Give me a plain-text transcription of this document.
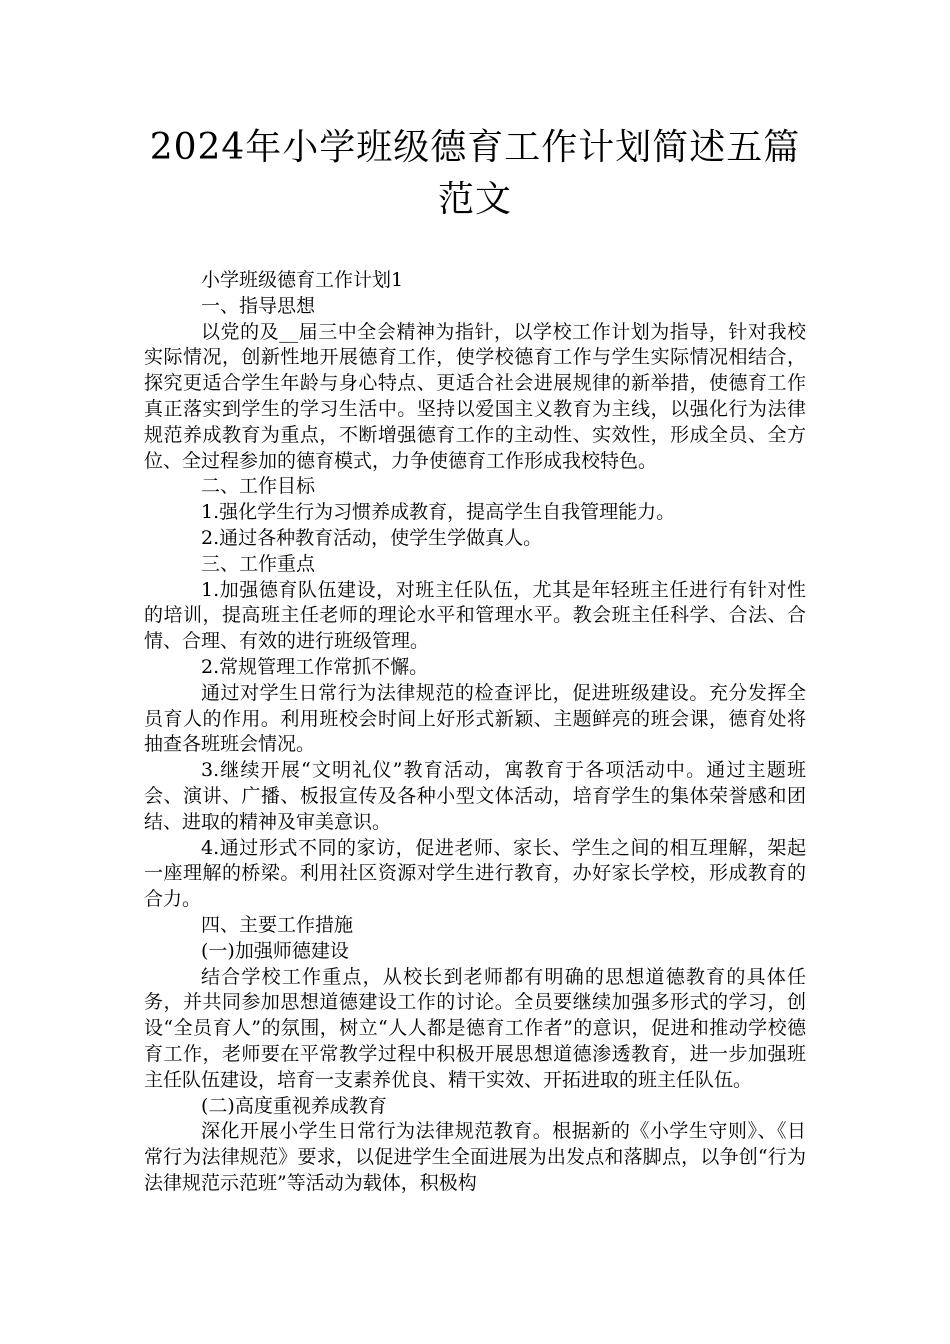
2024年小学班级德育工作计划简述五篇范文

小学班级德育工作计划1

一、指导思想

以党的及__届三中全会精神为指针，以学校工作计划为指导，针对我校实际情况，创新性地开展德育工作，使学校德育工作与学生实际情况相结合，探究更适合学生年龄与身心特点、更适合社会进展规律的新举措，使德育工作真正落实到学生的学习生活中。坚持以爱国主义教育为主线，以强化行为法律规范养成教育为重点，不断增强德育工作的主动性、实效性，形成全员、全方位、全过程参加的德育模式，力争使德育工作形成我校特色。

二、工作目标

1.强化学生行为习惯养成教育，提高学生自我管理能力。

2.通过各种教育活动，使学生学做真人。

三、工作重点

1.加强德育队伍建设，对班主任队伍，尤其是年轻班主任进行有针对性的培训，提高班主任老师的理论水平和管理水平。教会班主任科学、合法、合情、合理、有效的进行班级管理。

2.常规管理工作常抓不懈。

通过对学生日常行为法律规范的检查评比，促进班级建设。充分发挥全员育人的作用。利用班校会时间上好形式新颖、主题鲜亮的班会课，德育处将抽查各班班会情况。

3.继续开展“文明礼仪”教育活动，寓教育于各项活动中。通过主题班会、演讲、广播、板报宣传及各种小型文体活动，培育学生的集体荣誉感和团结、进取的精神及审美意识。

4.通过形式不同的家访，促进老师、家长、学生之间的相互理解，架起一座理解的桥梁。利用社区资源对学生进行教育，办好家长学校，形成教育的合力。

四、主要工作措施

(一)加强师德建设

结合学校工作重点，从校长到老师都有明确的思想道德教育的具体任务，并共同参加思想道德建设工作的讨论。全员要继续加强多形式的学习，创设“全员育人”的氛围，树立“人人都是德育工作者”的意识，促进和推动学校德育工作，老师要在平常教学过程中积极开展思想道德渗透教育，进一步加强班主任队伍建设，培育一支素养优良、精干实效、开拓进取的班主任队伍。

(二)高度重视养成教育

深化开展小学生日常行为法律规范教育。根据新的《小学生守则》、《日常行为法律规范》要求，以促进学生全面进展为出发点和落脚点，以争创“行为法律规范示范班”等活动为载体，积极构
